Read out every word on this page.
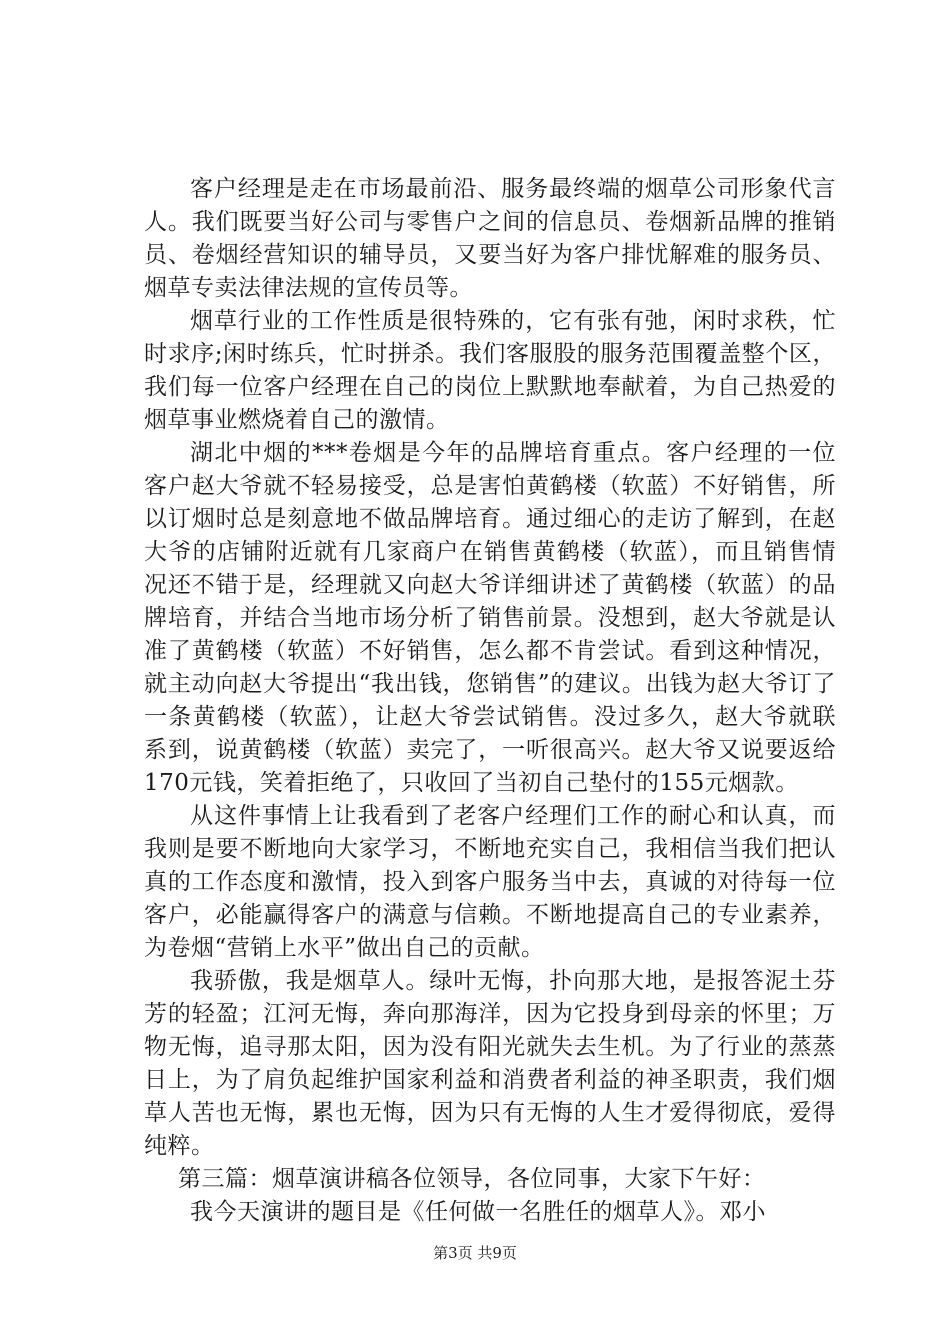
客户经理是走在市场最前沿、服务最终端的烟草公司形象代言人。我们既要当好公司与零售户之间的信息员、卷烟新品牌的推销员、卷烟经营知识的辅导员，又要当好为客户排忧解难的服务员、烟草专卖法律法规的宣传员等。

烟草行业的工作性质是很特殊的，它有张有弛，闲时求秩，忙时求序;闲时练兵，忙时拼杀。我们客服股的服务范围覆盖整个区，我们每一位客户经理在自己的岗位上默默地奉献着，为自己热爱的烟草事业燃烧着自己的激情。

湖北中烟的***卷烟是今年的品牌培育重点。客户经理的一位客户赵大爷就不轻易接受，总是害怕黄鹤楼（软蓝）不好销售，所以订烟时总是刻意地不做品牌培育。通过细心的走访了解到，在赵大爷的店铺附近就有几家商户在销售黄鹤楼（软蓝），而且销售情况还不错于是，经理就又向赵大爷详细讲述了黄鹤楼（软蓝）的品牌培育，并结合当地市场分析了销售前景。没想到，赵大爷就是认准了黄鹤楼（软蓝）不好销售，怎么都不肯尝试。看到这种情况，就主动向赵大爷提出“我出钱，您销售”的建议。出钱为赵大爷订了一条黄鹤楼（软蓝），让赵大爷尝试销售。没过多久，赵大爷就联系到，说黄鹤楼（软蓝）卖完了，一听很高兴。赵大爷又说要返给170元钱，笑着拒绝了，只收回了当初自己垫付的155元烟款。

从这件事情上让我看到了老客户经理们工作的耐心和认真，而我则是要不断地向大家学习，不断地充实自己，我相信当我们把认真的工作态度和激情，投入到客户服务当中去，真诚的对待每一位客户，必能赢得客户的满意与信赖。不断地提高自己的专业素养，为卷烟“营销上水平”做出自己的贡献。

我骄傲，我是烟草人。绿叶无悔，扑向那大地，是报答泥土芬芳的轻盈；江河无悔，奔向那海洋，因为它投身到母亲的怀里；万物无悔，追寻那太阳，因为没有阳光就失去生机。为了行业的蒸蒸日上，为了肩负起维护国家利益和消费者利益的神圣职责，我们烟草人苦也无悔，累也无悔，因为只有无悔的人生才爱得彻底，爱得纯粹。

第三篇：烟草演讲稿各位领导，各位同事，大家下午好：

我今天演讲的题目是《任何做一名胜任的烟草人》。邓小

第3页 共9页
